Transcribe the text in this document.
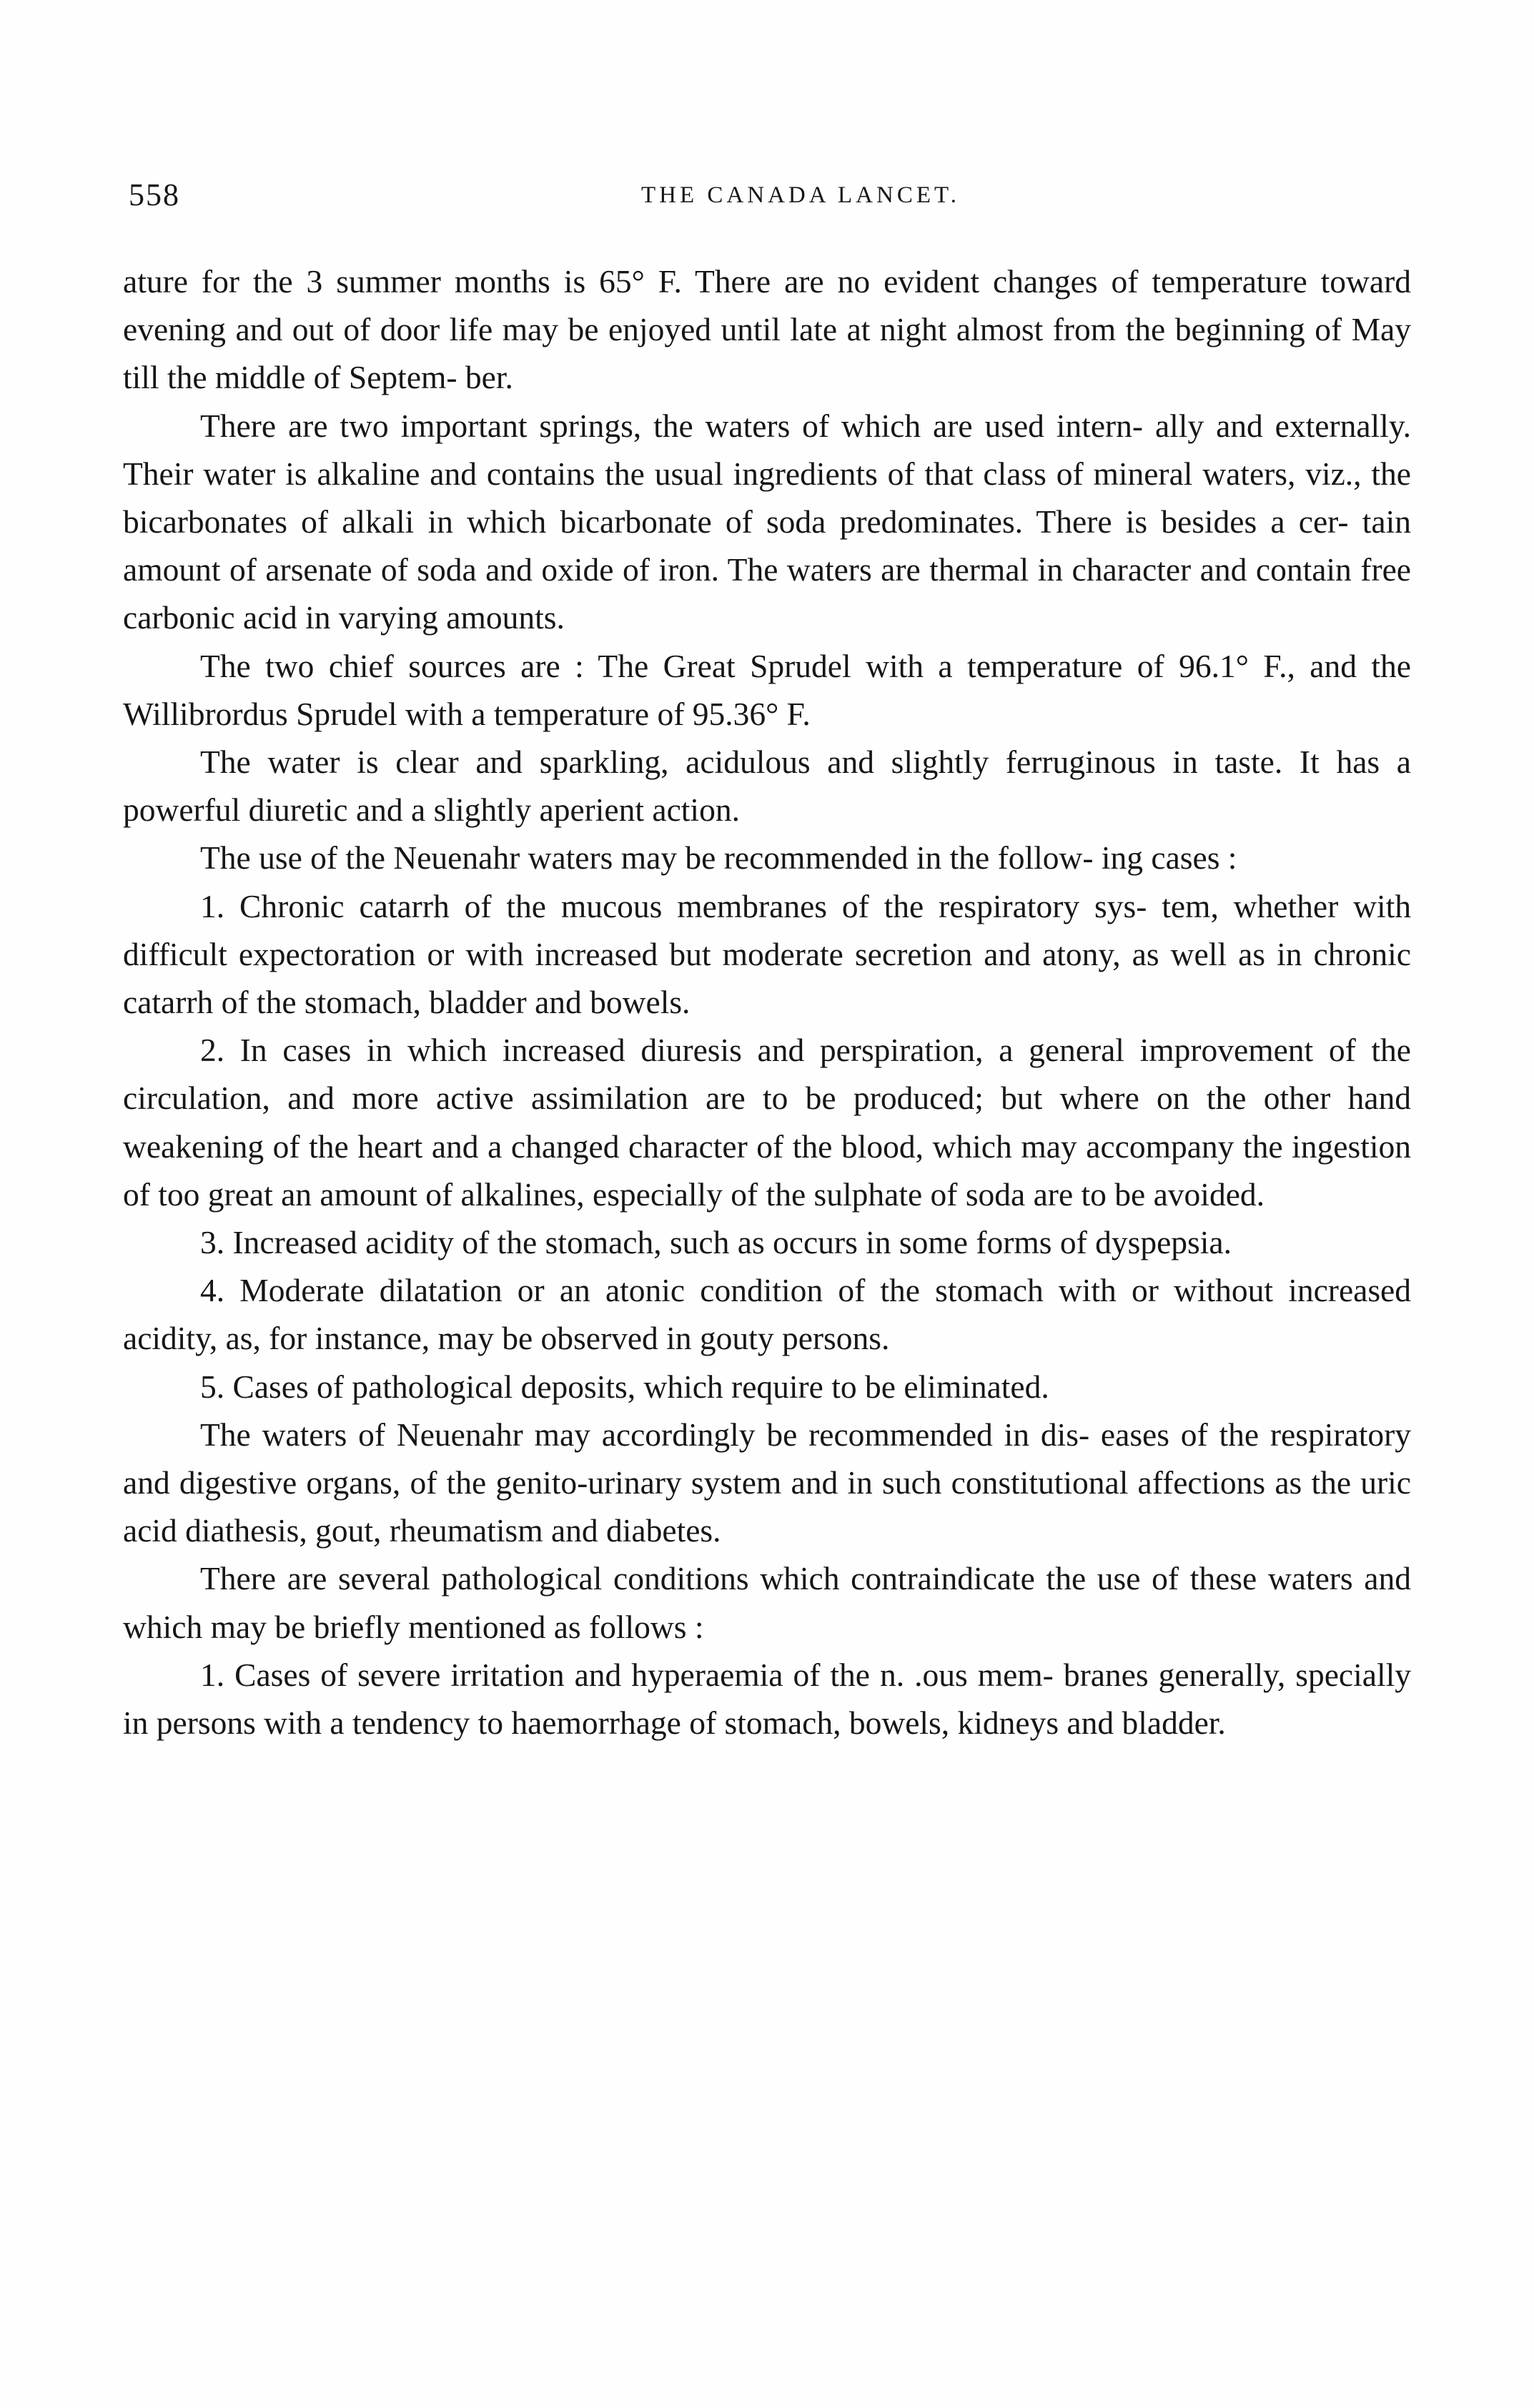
558	THE CANADA LANCET.

ature for the 3 summer months is 65° F. There are no evident changes of temperature toward evening and out of door life may be enjoyed until late at night almost from the beginning of May till the middle of Septem- ber.

There are two important springs, the waters of which are used intern- ally and externally. Their water is alkaline and contains the usual ingredients of that class of mineral waters, viz., the bicarbonates of alkali in which bicarbonate of soda predominates. There is besides a cer- tain amount of arsenate of soda and oxide of iron. The waters are thermal in character and contain free carbonic acid in varying amounts.

The two chief sources are : The Great Sprudel with a temperature of 96.1° F., and the Willibrordus Sprudel with a temperature of 95.36° F.

The water is clear and sparkling, acidulous and slightly ferruginous in taste. It has a powerful diuretic and a slightly aperient action.

The use of the Neuenahr waters may be recommended in the follow- ing cases :

1. Chronic catarrh of the mucous membranes of the respiratory sys- tem, whether with difficult expectoration or with increased but moderate secretion and atony, as well as in chronic catarrh of the stomach, bladder and bowels.

2. In cases in which increased diuresis and perspiration, a general improvement of the circulation, and more active assimilation are to be produced; but where on the other hand weakening of the heart and a changed character of the blood, which may accompany the ingestion of too great an amount of alkalines, especially of the sulphate of soda are to be avoided.

3. Increased acidity of the stomach, such as occurs in some forms of dyspepsia.

4. Moderate dilatation or an atonic condition of the stomach with or without increased acidity, as, for instance, may be observed in gouty persons.

5. Cases of pathological deposits, which require to be eliminated.

The waters of Neuenahr may accordingly be recommended in dis- eases of the respiratory and digestive organs, of the genito-urinary system and in such constitutional affections as the uric acid diathesis, gout, rheumatism and diabetes.

There are several pathological conditions which contraindicate the use of these waters and which may be briefly mentioned as follows :

1. Cases of severe irritation and hyperaemia of the n. .ous mem- branes generally, specially in persons with a tendency to haemorrhage of stomach, bowels, kidneys and bladder.
